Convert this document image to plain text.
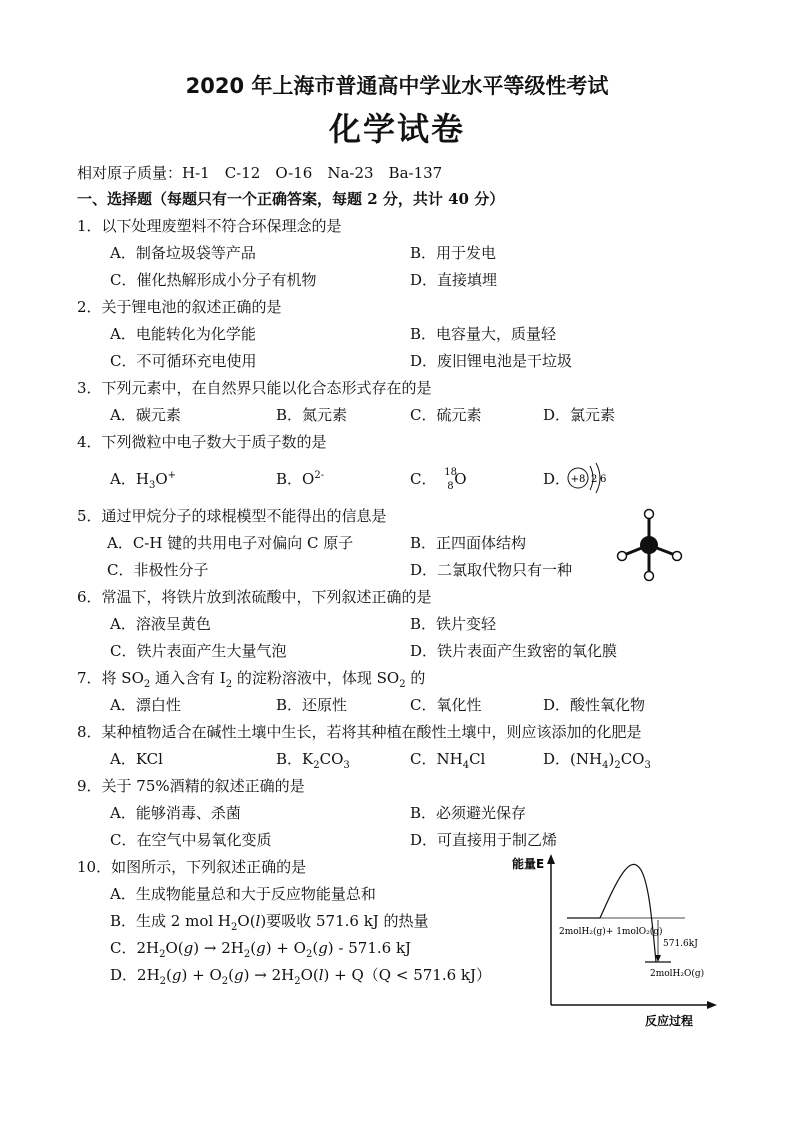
2020 年上海市普通高中学业水平等级性考试
化学试卷
相对原子质量：H-1　C-12　O-16　Na-23　Ba-137
一、选择题（每题只有一个正确答案，每题 2 分，共计 40 分）
1．以下处理废塑料不符合环保理念的是
A．制备垃圾袋等产品	B．用于发电
C．催化热解形成小分子有机物	D．直接填埋
2．关于锂电池的叙述正确的是
A．电能转化为化学能	B．电容量大，质量轻
C．不可循环充电使用	D．废旧锂电池是干垃圾
3．下列元素中，在自然界只能以化合态形式存在的是
A．碳元素	B．氮元素	C．硫元素	D．氯元素
4．下列微粒中电子数大于质子数的是
A．$H_3O^+$	B．$O^{2-}$	C． 18
8 O	D． +8 2 6
5．通过甲烷分子的球棍模型不能得出的信息是
A．C-H 键的共用电子对偏向 C 原子	B．正四面体结构
C．非极性分子	D．二氯取代物只有一种
6．常温下，将铁片放到浓硫酸中，下列叙述正确的是
A．溶液呈黄色	B．铁片变轻
C．铁片表面产生大量气泡	D．铁片表面产生致密的氧化膜
7．将 $SO_2$ 通入含有 $I_2$ 的淀粉溶液中，体现 $SO_2$ 的
A．漂白性	B．还原性	C．氧化性	D．酸性氧化物
8．某种植物适合在碱性土壤中生长，若将其种植在酸性土壤中，则应该添加的化肥是
A．KCl	B．$K_2CO_3$	C．$NH_4Cl$	D．$(NH_4)_2CO_3$
9．关于 75%酒精的叙述正确的是
A．能够消毒、杀菌	B．必须避光保存
C．在空气中易氧化变质	D．可直接用于制乙烯
10．如图所示，下列叙述正确的是
A．生成物能量总和大于反应物能量总和
B．生成 2 mol $H_2O(l)$要吸收 571.6 kJ 的热量
C．$2H_2O(g) \to 2H_2(g) + O_2(g) - 571.6$ kJ
D．$2H_2(g) + O_2(g) \to 2H_2O(l) + Q(Q < 571.6$ kJ）
能量E
反应过程
2molH₂(g)+ 1molO₂(g)
571.6kJ
2molH₂O(g)
